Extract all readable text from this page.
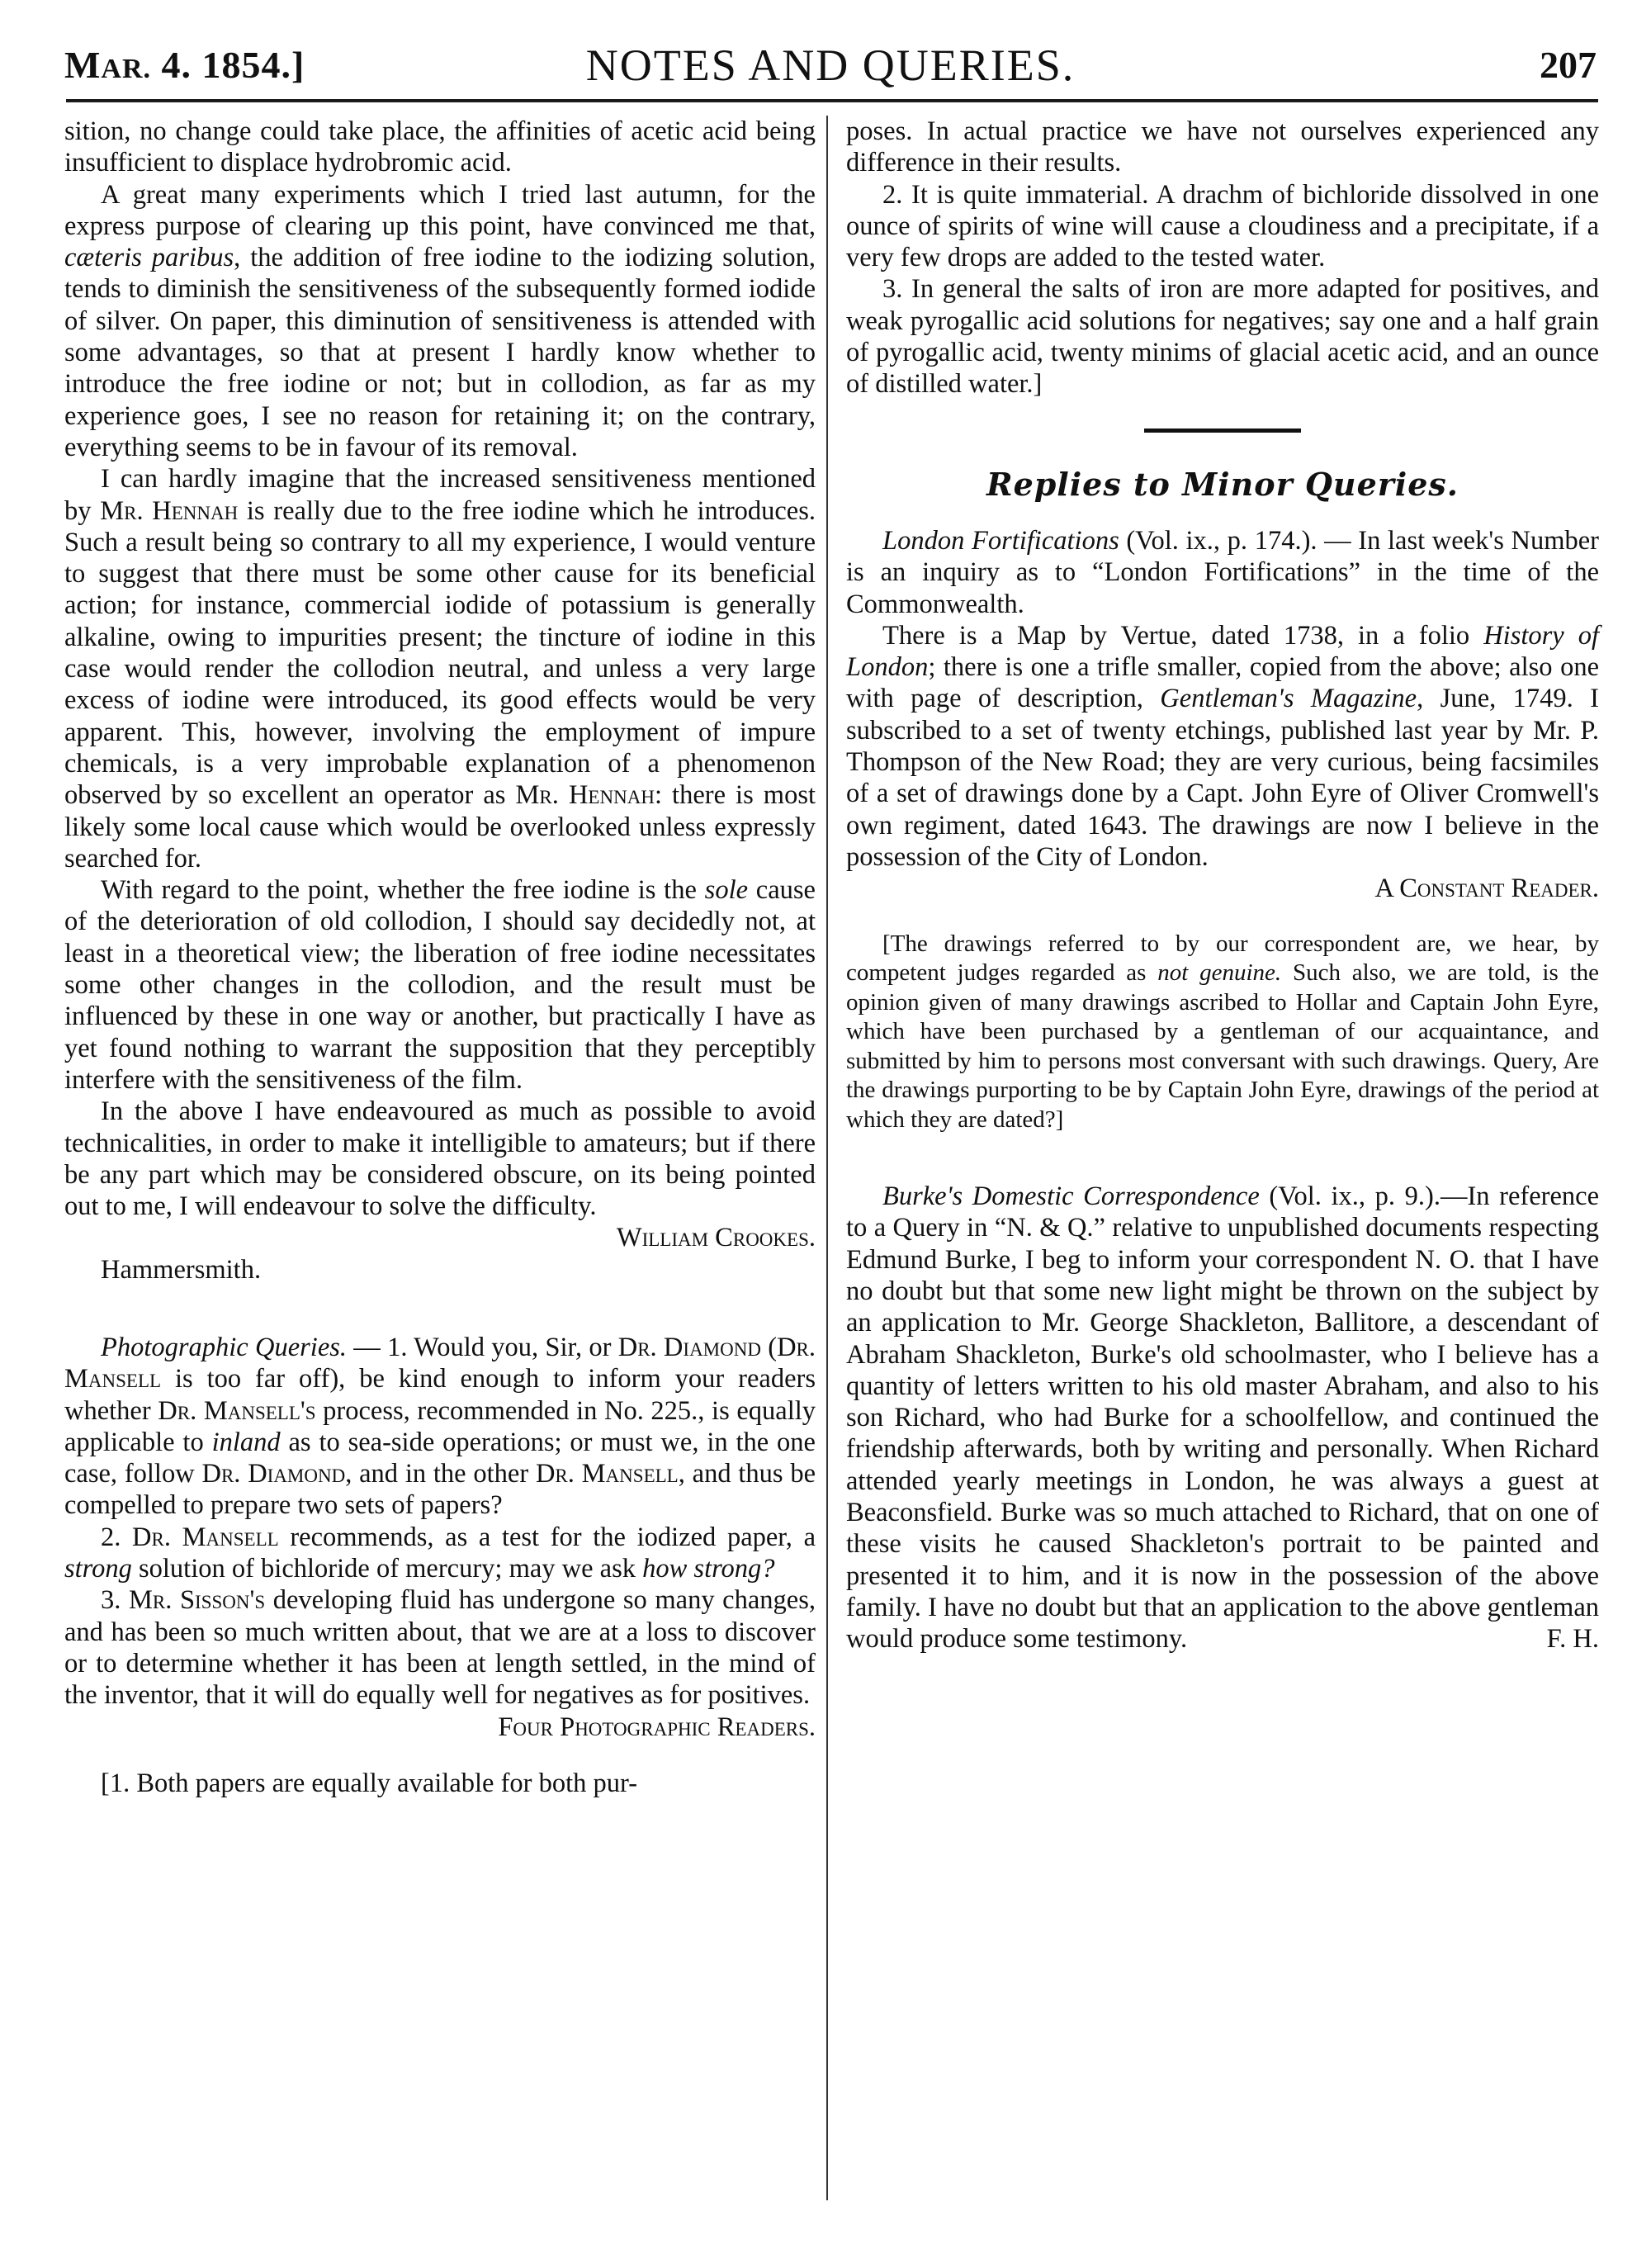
MAR. 4. 1854.]	NOTES AND QUERIES.	207

sition, no change could take place, the affinities of acetic acid being insufficient to displace hydrobromic acid.

A great many experiments which I tried last autumn, for the express purpose of clearing up this point, have convinced me that, cæteris paribus, the addition of free iodine to the iodizing solution, tends to diminish the sensitiveness of the subsequently formed iodide of silver. On paper, this diminution of sensitiveness is attended with some advantages, so that at present I hardly know whether to introduce the free iodine or not; but in collodion, as far as my experience goes, I see no reason for retaining it; on the contrary, everything seems to be in favour of its removal.

I can hardly imagine that the increased sensitiveness mentioned by Mr. Hennah is really due to the free iodine which he introduces. Such a result being so contrary to all my experience, I would venture to suggest that there must be some other cause for its beneficial action; for instance, commercial iodide of potassium is generally alkaline, owing to impurities present; the tincture of iodine in this case would render the collodion neutral, and unless a very large excess of iodine were introduced, its good effects would be very apparent. This, however, involving the employment of impure chemicals, is a very improbable explanation of a phenomenon observed by so excellent an operator as Mr. Hennah: there is most likely some local cause which would be overlooked unless expressly searched for.

With regard to the point, whether the free iodine is the sole cause of the deterioration of old collodion, I should say decidedly not, at least in a theoretical view; the liberation of free iodine necessitates some other changes in the collodion, and the result must be influenced by these in one way or another, but practically I have as yet found nothing to warrant the supposition that they perceptibly interfere with the sensitiveness of the film.

In the above I have endeavoured as much as possible to avoid technicalities, in order to make it intelligible to amateurs; but if there be any part which may be considered obscure, on its being pointed out to me, I will endeavour to solve the difficulty.

William Crookes.

Hammersmith.

Photographic Queries. — 1. Would you, Sir, or Dr. Diamond (Dr. Mansell is too far off), be kind enough to inform your readers whether Dr. Mansell's process, recommended in No. 225., is equally applicable to inland as to sea-side operations; or must we, in the one case, follow Dr. Diamond, and in the other Dr. Mansell, and thus be compelled to prepare two sets of papers?

2. Dr. Mansell recommends, as a test for the iodized paper, a strong solution of bichloride of mercury; may we ask how strong?

3. Mr. Sisson's developing fluid has undergone so many changes, and has been so much written about, that we are at a loss to discover or to determine whether it has been at length settled, in the mind of the inventor, that it will do equally well for negatives as for positives.

Four Photographic Readers.

[1. Both papers are equally available for both pur-

poses. In actual practice we have not ourselves experienced any difference in their results.

2. It is quite immaterial. A drachm of bichloride dissolved in one ounce of spirits of wine will cause a cloudiness and a precipitate, if a very few drops are added to the tested water.

3. In general the salts of iron are more adapted for positives, and weak pyrogallic acid solutions for negatives; say one and a half grain of pyrogallic acid, twenty minims of glacial acetic acid, and an ounce of distilled water.]

Replies to Minor Queries.

London Fortifications (Vol. ix., p. 174.). — In last week's Number is an inquiry as to “London Fortifications” in the time of the Commonwealth.

There is a Map by Vertue, dated 1738, in a folio History of London; there is one a trifle smaller, copied from the above; also one with page of description, Gentleman's Magazine, June, 1749. I subscribed to a set of twenty etchings, published last year by Mr. P. Thompson of the New Road; they are very curious, being facsimiles of a set of drawings done by a Capt. John Eyre of Oliver Cromwell's own regiment, dated 1643. The drawings are now I believe in the possession of the City of London.

A Constant Reader.

[The drawings referred to by our correspondent are, we hear, by competent judges regarded as not genuine. Such also, we are told, is the opinion given of many drawings ascribed to Hollar and Captain John Eyre, which have been purchased by a gentleman of our acquaintance, and submitted by him to persons most conversant with such drawings. Query, Are the drawings purporting to be by Captain John Eyre, drawings of the period at which they are dated?]

Burke's Domestic Correspondence (Vol. ix., p. 9.).—In reference to a Query in “N. & Q.” relative to unpublished documents respecting Edmund Burke, I beg to inform your correspondent N. O. that I have no doubt but that some new light might be thrown on the subject by an application to Mr. George Shackleton, Ballitore, a descendant of Abraham Shackleton, Burke's old schoolmaster, who I believe has a quantity of letters written to his old master Abraham, and also to his son Richard, who had Burke for a schoolfellow, and continued the friendship afterwards, both by writing and personally. When Richard attended yearly meetings in London, he was always a guest at Beaconsfield. Burke was so much attached to Richard, that on one of these visits he caused Shackleton's portrait to be painted and presented it to him, and it is now in the possession of the above family. I have no doubt but that an application to the above gentleman would produce some testimony.	F. H.
